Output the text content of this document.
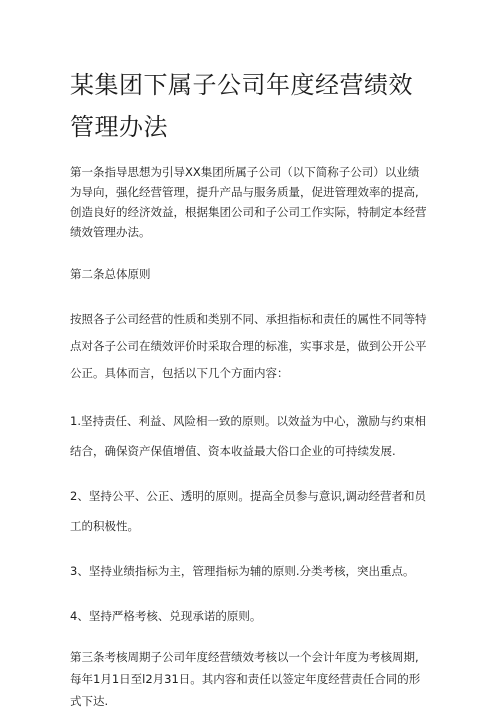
某集团下属子公司年度经营绩效管理办法

第一条指导思想为引导XX集团所属子公司（以下简称子公司）以业绩为导向，强化经营管理，提升产品与服务质量，促进管理效率的提高,创造良好的经济效益，根据集团公司和子公司工作实际，特制定本经营绩效管理办法。

第二条总体原则

按照各子公司经营的性质和类别不同、承担指标和责任的属性不同等特点对各子公司在绩效评价时采取合理的标准，实事求是，做到公开公平公正。具体而言，包括以下几个方面内容：

1.坚持责任、利益、风险相一致的原则。以效益为中心，激励与约束相结合，确保资产保值增值、资本收益最大俗口企业的可持续发展.

2、坚持公平、公正、透明的原则。提高全员参与意识,调动经营者和员工的积极性。

3、坚持业绩指标为主，管理指标为辅的原则.分类考核，突出重点。

4、坚持严格考核、兑现承诺的原则。

第三条考核周期子公司年度经营绩效考核以一个会计年度为考核周期,每年1月1日至l2月31日。其内容和责任以签定年度经营责任合同的形式下达.
